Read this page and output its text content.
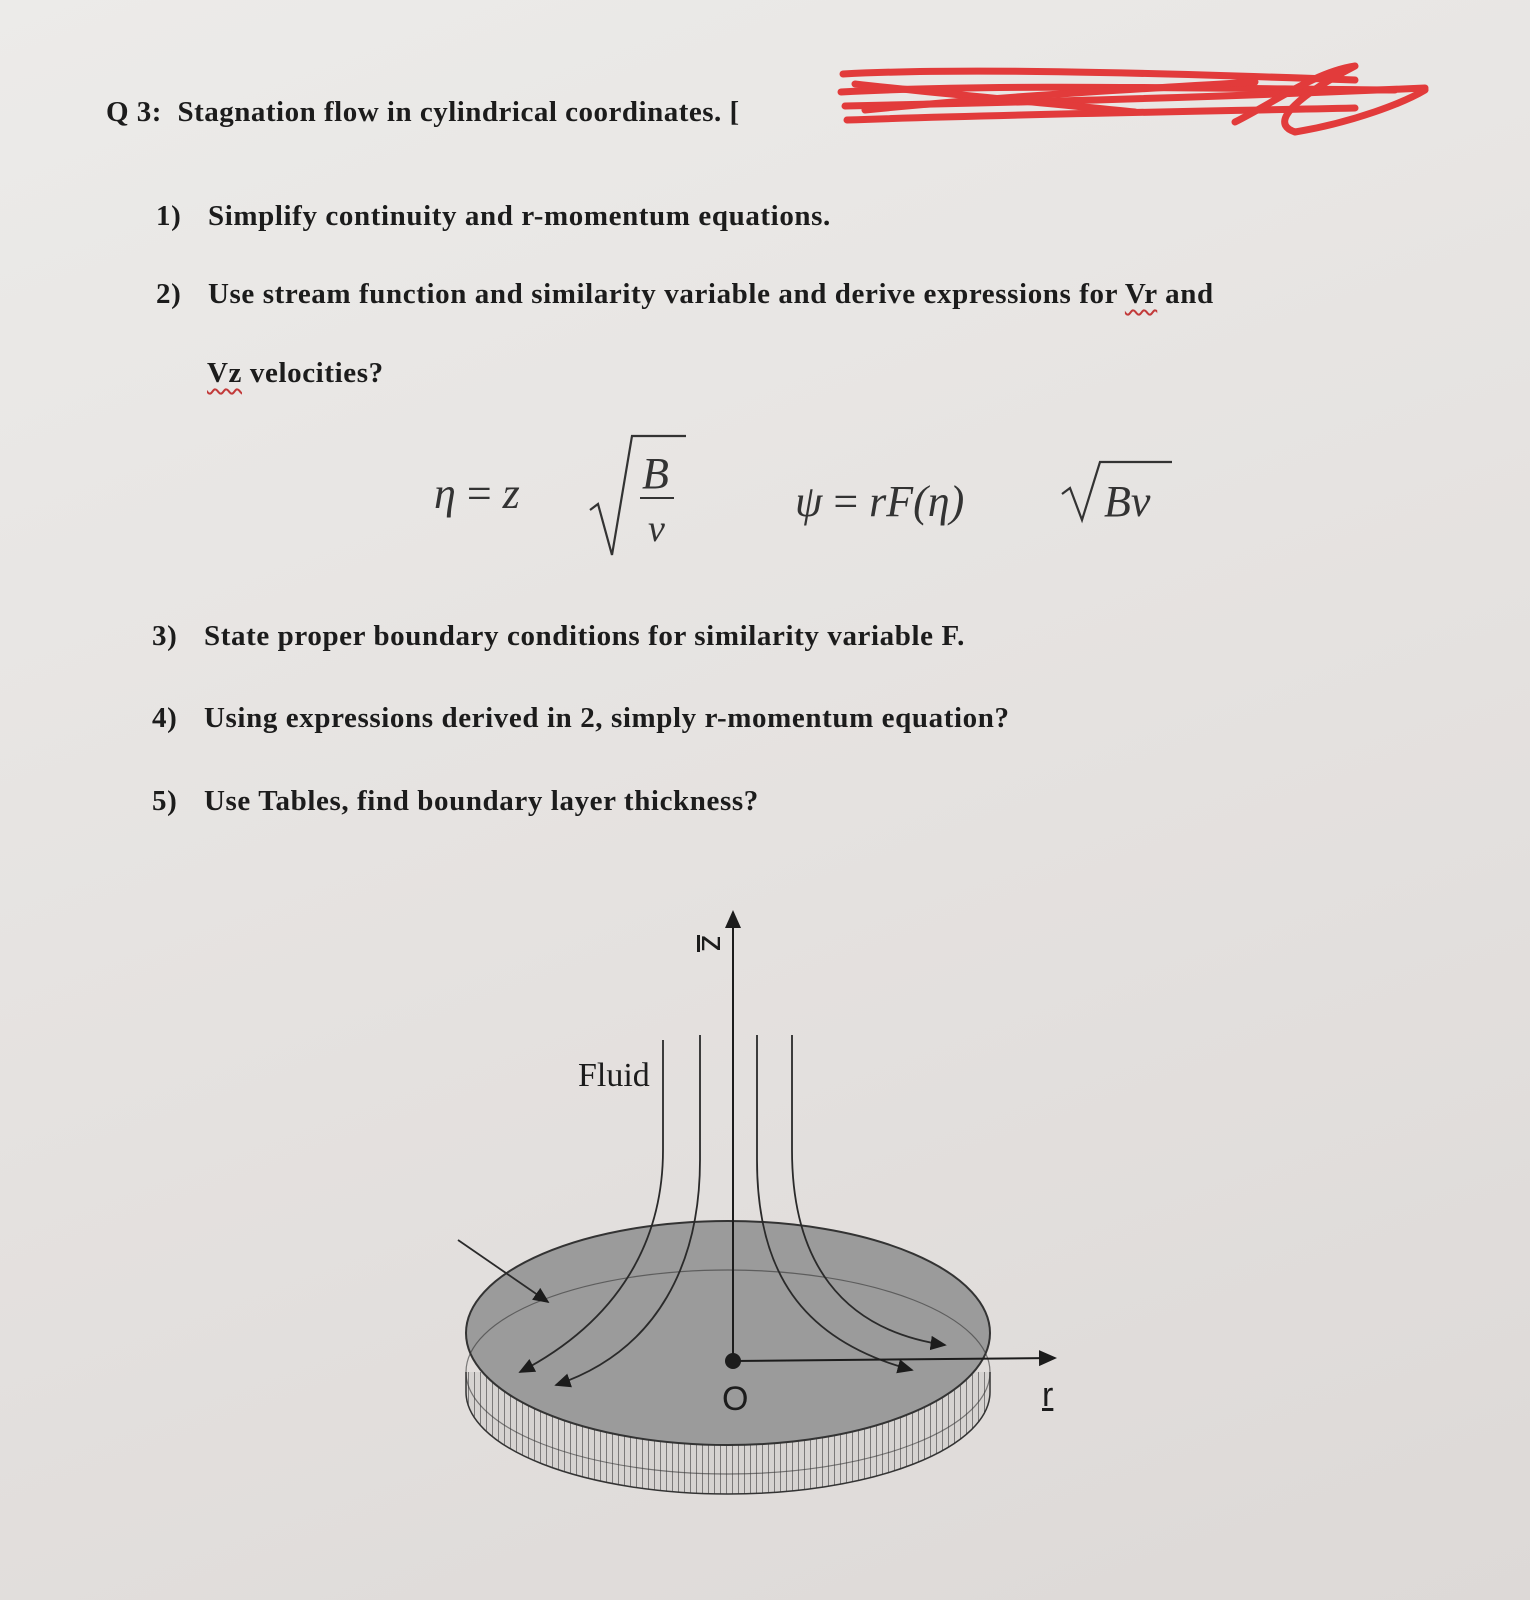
Q 3: Stagnation flow in cylindrical coordinates. [
1) Simplify continuity and r-momentum equations.
2) Use stream function and similarity variable and derive expressions for Vr and
Vz velocities?
η = z	B
ν
ψ = rF(η)	Bν
3) State proper boundary conditions for similarity variable F.
4) Using expressions derived in 2, simply r-momentum equation?
5) Use Tables, find boundary layer thickness?
Fluid
z
r
O
